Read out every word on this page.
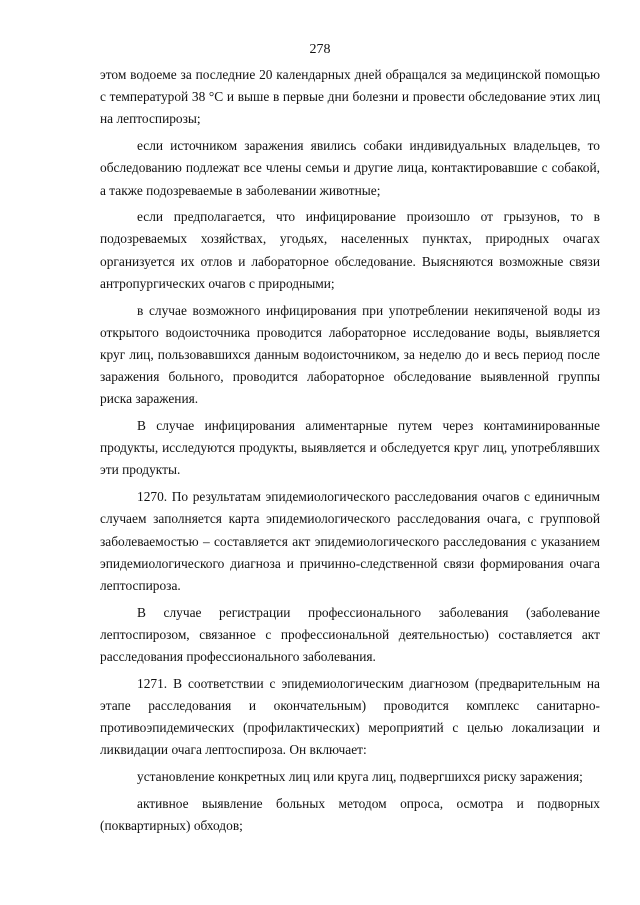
278

этом водоеме за последние 20 календарных дней обращался за медицинской помощью с температурой 38 °С и выше в первые дни болезни и провести обследование этих лиц на лептоспирозы;

если источником заражения явились собаки индивидуальных владельцев, то обследованию подлежат все члены семьи и другие лица, контактировавшие с собакой, а также подозреваемые в заболевании животные;

если предполагается, что инфицирование произошло от грызунов, то в подозреваемых хозяйствах, угодьях, населенных пунктах, природных очагах организуется их отлов и лабораторное обследование. Выясняются возможные связи антропургических очагов с природными;

в случае возможного инфицирования при употреблении некипяченой воды из открытого водоисточника проводится лабораторное исследование воды, выявляется круг лиц, пользовавшихся данным водоисточником, за неделю до и весь период после заражения больного, проводится лабораторное обследование выявленной группы риска заражения.

В случае инфицирования алиментарные путем через контаминированные продукты, исследуются продукты, выявляется и обследуется круг лиц, употреблявших эти продукты.

1270. По результатам эпидемиологического расследования очагов с единичным случаем заполняется карта эпидемиологического расследования очага, с групповой заболеваемостью – составляется акт эпидемиологического расследования с указанием эпидемиологического диагноза и причинно-следственной связи формирования очага лептоспироза.

В случае регистрации профессионального заболевания (заболевание лептоспирозом, связанное с профессиональной деятельностью) составляется акт расследования профессионального заболевания.

1271. В соответствии с эпидемиологическим диагнозом (предварительным на этапе расследования и окончательным) проводится комплекс санитарно-противоэпидемических (профилактических) мероприятий с целью локализации и ликвидации очага лептоспироза. Он включает:

установление конкретных лиц или круга лиц, подвергшихся риску заражения;

активное выявление больных методом опроса, осмотра и подворных (поквартирных) обходов;
